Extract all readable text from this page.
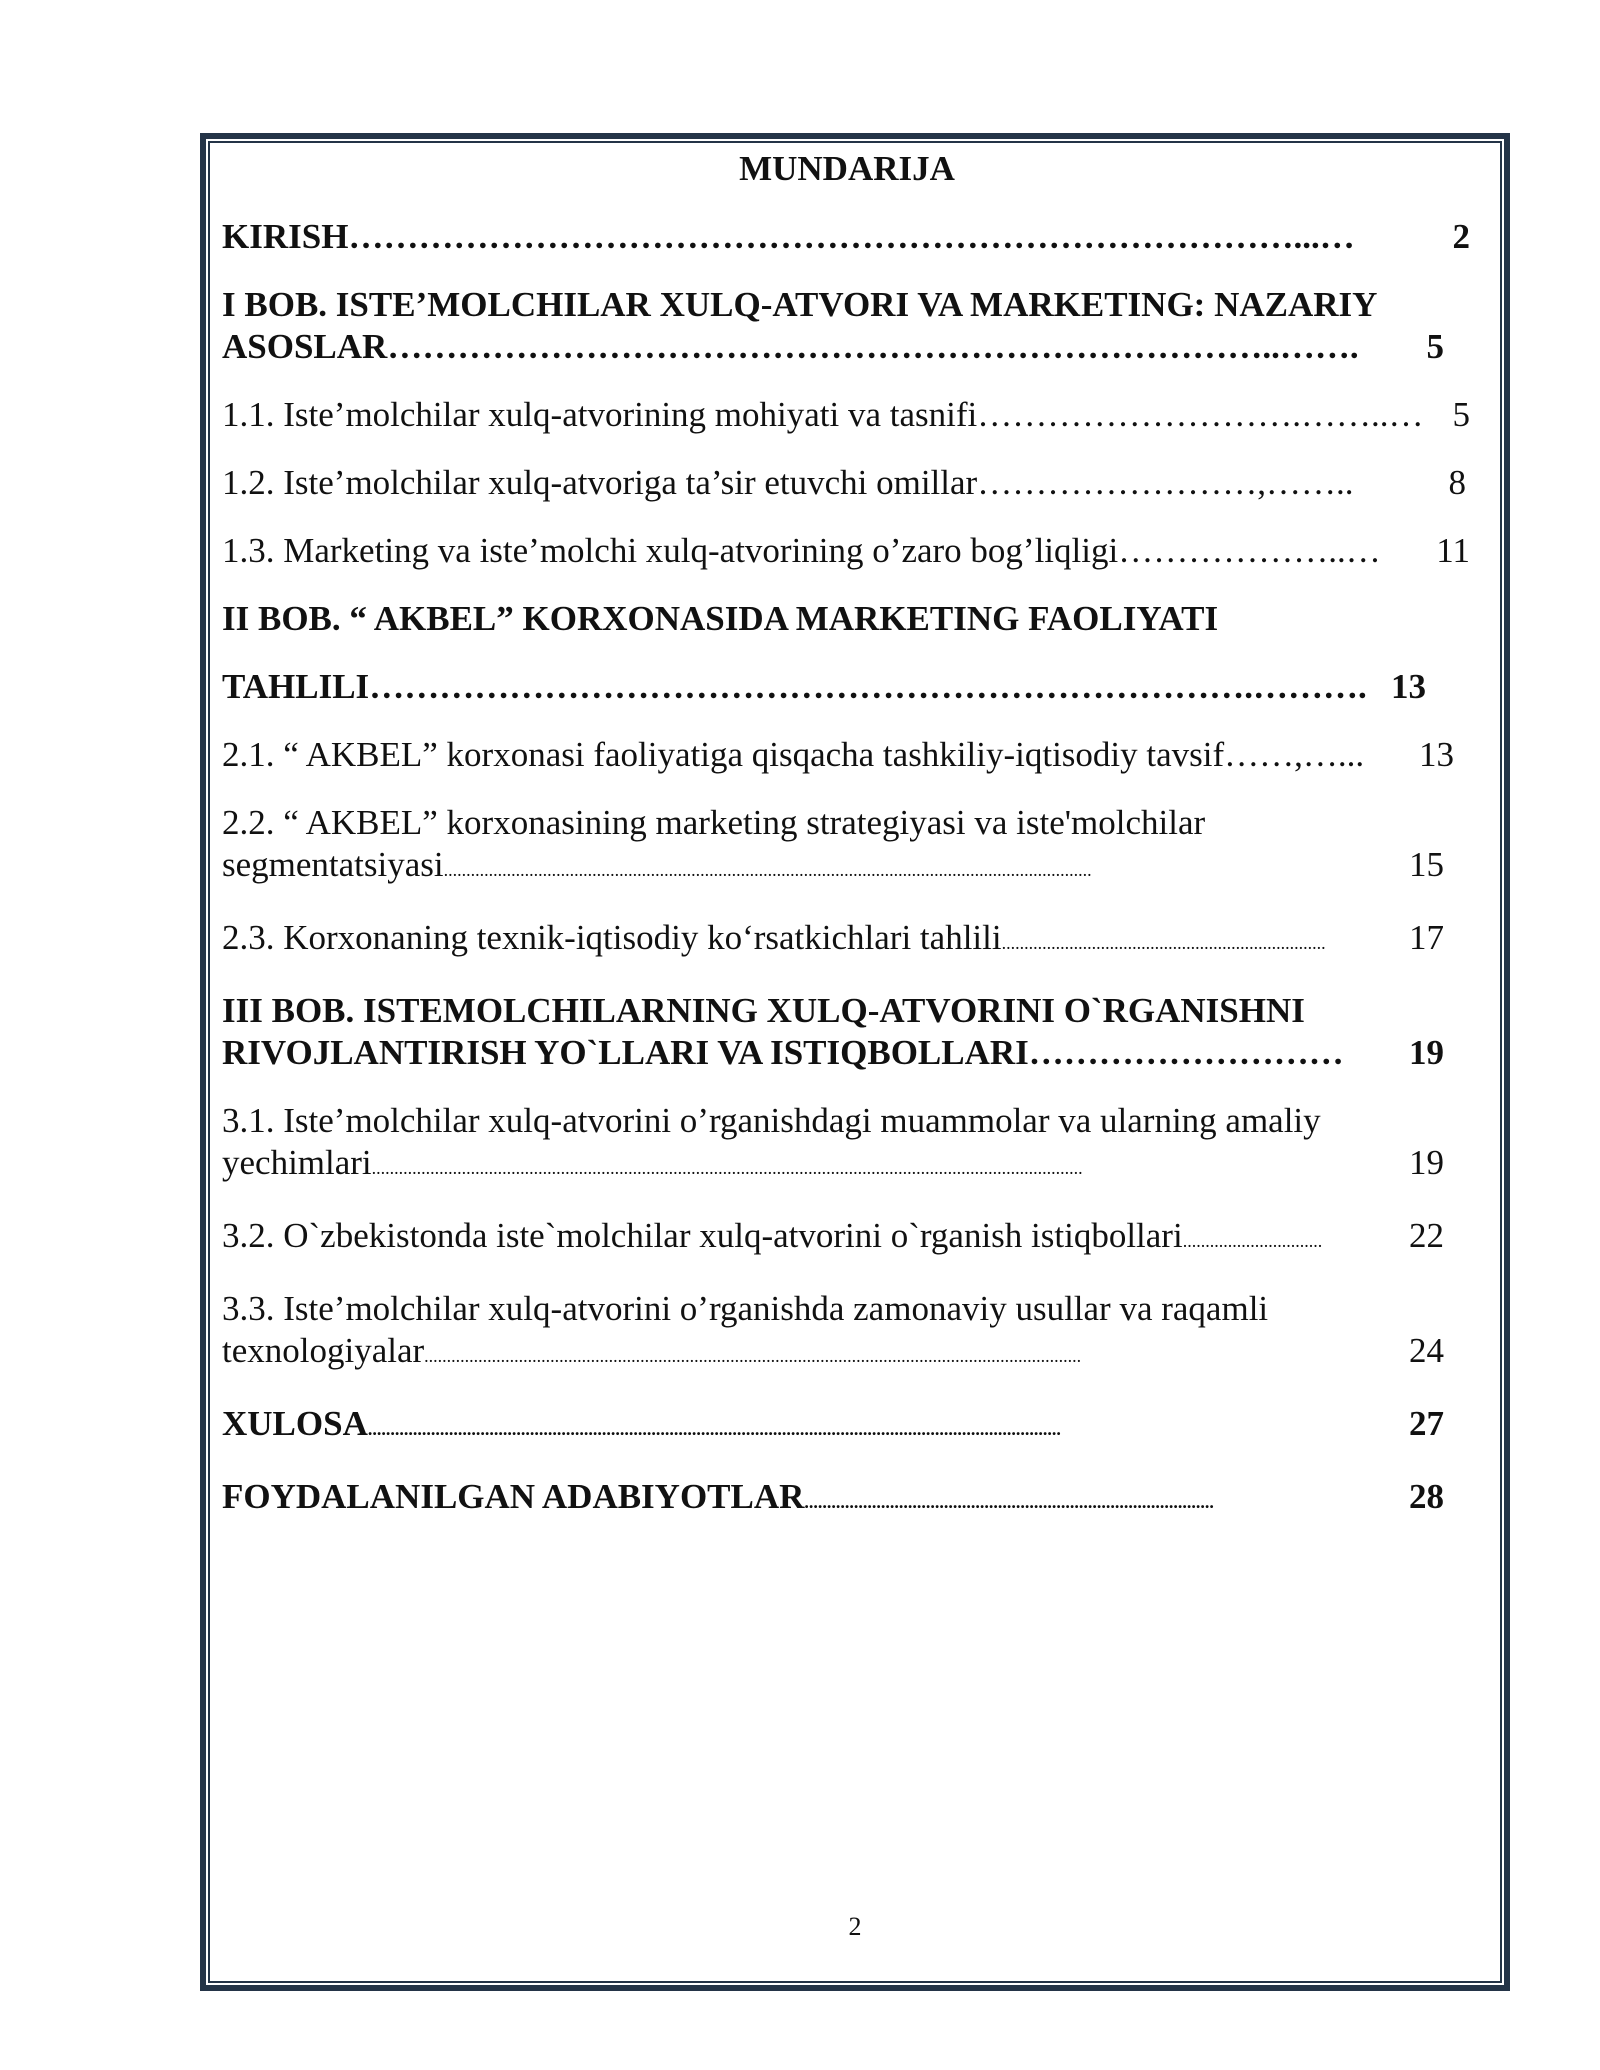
MUNDARIJA
KIRISH ………………………………………………………………………...…	2
I BOB. ISTE’MOLCHILAR XULQ-ATVORI VA MARKETING: NAZARIY
ASOSLAR …………………………………………………………………..…….	5
1.1. Iste’molchilar xulq-atvorining mohiyati va tasnifi ……………………….……..… 5
1.2. Iste’molchilar xulq-atvoriga ta’sir etuvchi omillar ……………………,……..	8
1.3. Marketing va iste’molchi xulq-atvorining o’zaro bog’liqligi ………………..…	11
II BOB. “ AKBEL” KORXONASIDA MARKETING FAOLIYATI
TAHLILI ………………………………………………………………….………. 13
2.1. “ AKBEL” korxonasi faoliyatiga qisqacha tashkiliy-iqtisodiy tavsif ……,…...	13
2.2. “ AKBEL” korxonasining marketing strategiyasi va iste'molchilar
segmentatsiyasi ................................................................................................................................................	15
2.3. Korxonaning texnik-iqtisodiy ko‘rsatkichlari tahlili ........................................................................	17
III BOB. ISTEMOLCHILARNING XULQ-ATVORINI O`RGANISHNI
RIVOJLANTIRISH YO`LLARI VA ISTIQBOLLARI ………………………	19
3.1. Iste’molchilar xulq-atvorini o’rganishdagi muammolar va ularning amaliy
yechimlari ..............................................................................................................................................................	19
3.2. O`zbekistonda iste`molchilar xulq-atvorini o`rganish istiqbollari ...............................	22
3.3. Iste’molchilar xulq-atvorini o’rganishda zamonaviy usullar va raqamli
texnologiyalar ..................................................................................................................................................	24
XULOSA ..........................................................................................................................................................	27
FOYDALANILGAN ADABIYOTLAR ...........................................................................................	28
2
